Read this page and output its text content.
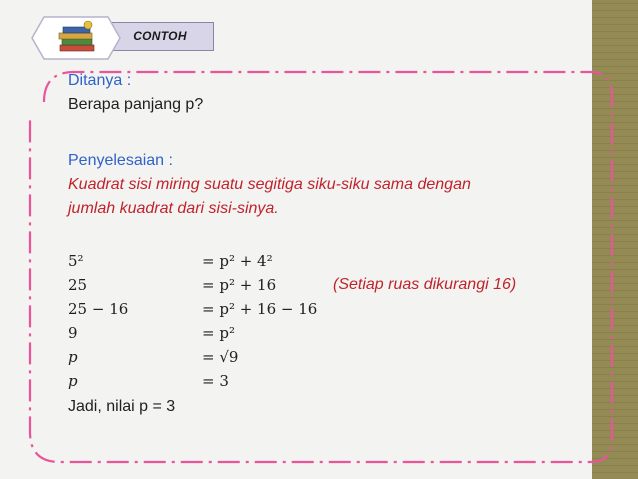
CONTOH
Ditanya :
Berapa panjang p?
Penyelesaian :
Kuadrat sisi miring suatu segitiga siku-siku sama dengan
jumlah kuadrat dari sisi-sinya.
5²	= p² + 4²
25	= p² + 16	(Setiap ruas dikurangi 16)
25 − 16	= p² + 16 − 16
9	= p²
p	= √9
p	= 3
Jadi, nilai p = 3
